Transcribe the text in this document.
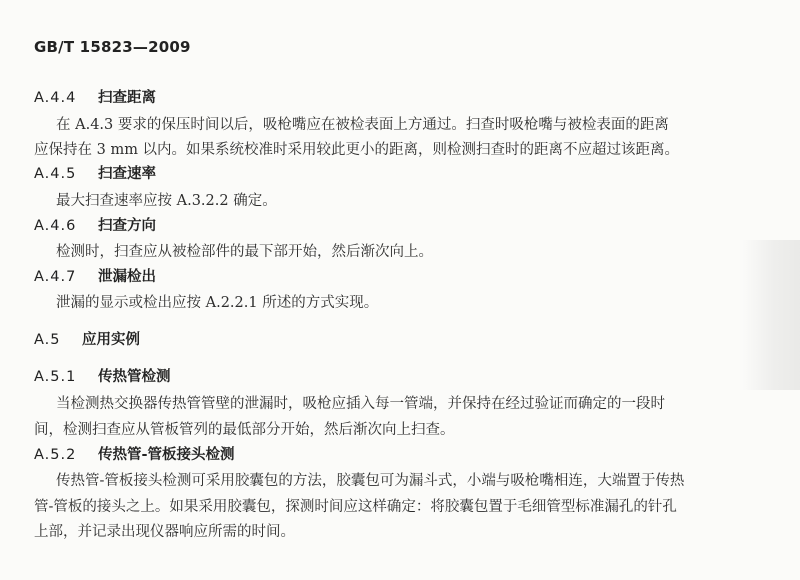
GB/T 15823—2009
A.4.4 扫查距离
在 A.4.3 要求的保压时间以后，吸枪嘴应在被检表面上方通过。扫查时吸枪嘴与被检表面的距离
应保持在 3 mm 以内。如果系统校准时采用较此更小的距离，则检测扫查时的距离不应超过该距离。
A.4.5 扫查速率
最大扫查速率应按 A.3.2.2 确定。
A.4.6 扫查方向
检测时，扫查应从被检部件的最下部开始，然后渐次向上。
A.4.7 泄漏检出
泄漏的显示或检出应按 A.2.2.1 所述的方式实现。
A.5 应用实例
A.5.1 传热管检测
当检测热交换器传热管管壁的泄漏时，吸枪应插入每一管端，并保持在经过验证而确定的一段时
间，检测扫查应从管板管列的最低部分开始，然后渐次向上扫查。
A.5.2 传热管-管板接头检测
传热管-管板接头检测可采用胶囊包的方法，胶囊包可为漏斗式，小端与吸枪嘴相连，大端置于传热
管-管板的接头之上。如果采用胶囊包，探测时间应这样确定：将胶囊包置于毛细管型标准漏孔的针孔
上部，并记录出现仪器响应所需的时间。
